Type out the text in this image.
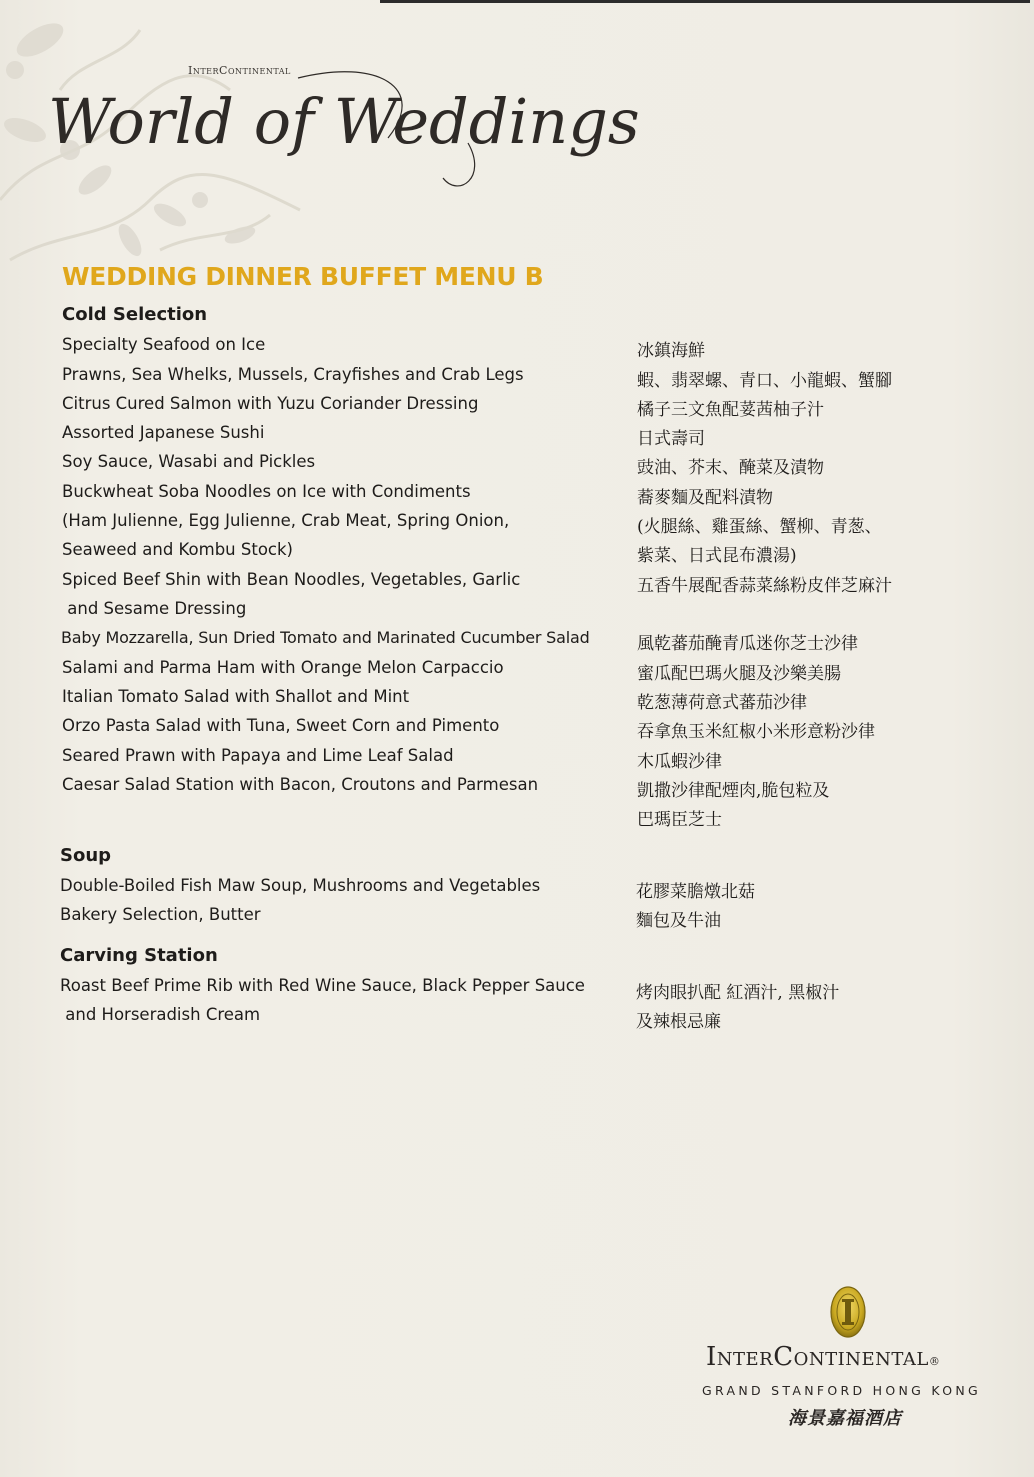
InterContinental
World of Weddings
WEDDING DINNER BUFFET MENU B
Cold Selection
Specialty Seafood on Ice	冰鎮海鮮
Prawns, Sea Whelks, Mussels, Crayfishes and Crab Legs	蝦、翡翠螺、青口、小龍蝦、蟹腳
Citrus Cured Salmon with Yuzu Coriander Dressing	橘子三文魚配荽茜柚子汁
Assorted Japanese Sushi	日式壽司
Soy Sauce, Wasabi and Pickles	豉油、芥末、醃菜及漬物
Buckwheat Soba Noodles on Ice with Condiments	蕎麥麵及配料漬物
(Ham Julienne, Egg Julienne, Crab Meat, Spring Onion,	(火腿絲、雞蛋絲、蟹柳、青葱、
Seaweed and Kombu Stock)	紫菜、日式昆布濃湯)
Spiced Beef Shin with Bean Noodles, Vegetables, Garlic	五香牛展配香蒜菜絲粉皮伴芝麻汁
and Sesame Dressing
Baby Mozzarella, Sun Dried Tomato and Marinated Cucumber Salad	風乾蕃茄醃青瓜迷你芝士沙律
Salami and Parma Ham with Orange Melon Carpaccio	蜜瓜配巴瑪火腿及沙樂美腸
Italian Tomato Salad with Shallot and Mint	乾葱薄荷意式蕃茄沙律
Orzo Pasta Salad with Tuna, Sweet Corn and Pimento	吞拿魚玉米紅椒小米形意粉沙律
Seared Prawn with Papaya and Lime Leaf Salad	木瓜蝦沙律
Caesar Salad Station with Bacon, Croutons and Parmesan	凱撒沙律配煙肉,脆包粒及
巴瑪臣芝士
Soup
Double-Boiled Fish Maw Soup, Mushrooms and Vegetables	花膠菜膽燉北菇
Bakery Selection, Butter	麵包及牛油
Carving Station
Roast Beef Prime Rib with Red Wine Sauce, Black Pepper Sauce	烤肉眼扒配 紅酒汁, 黑椒汁
and Horseradish Cream	及辣根忌廉
InterContinental®
GRAND STANFORD HONG KONG
海景嘉福酒店
